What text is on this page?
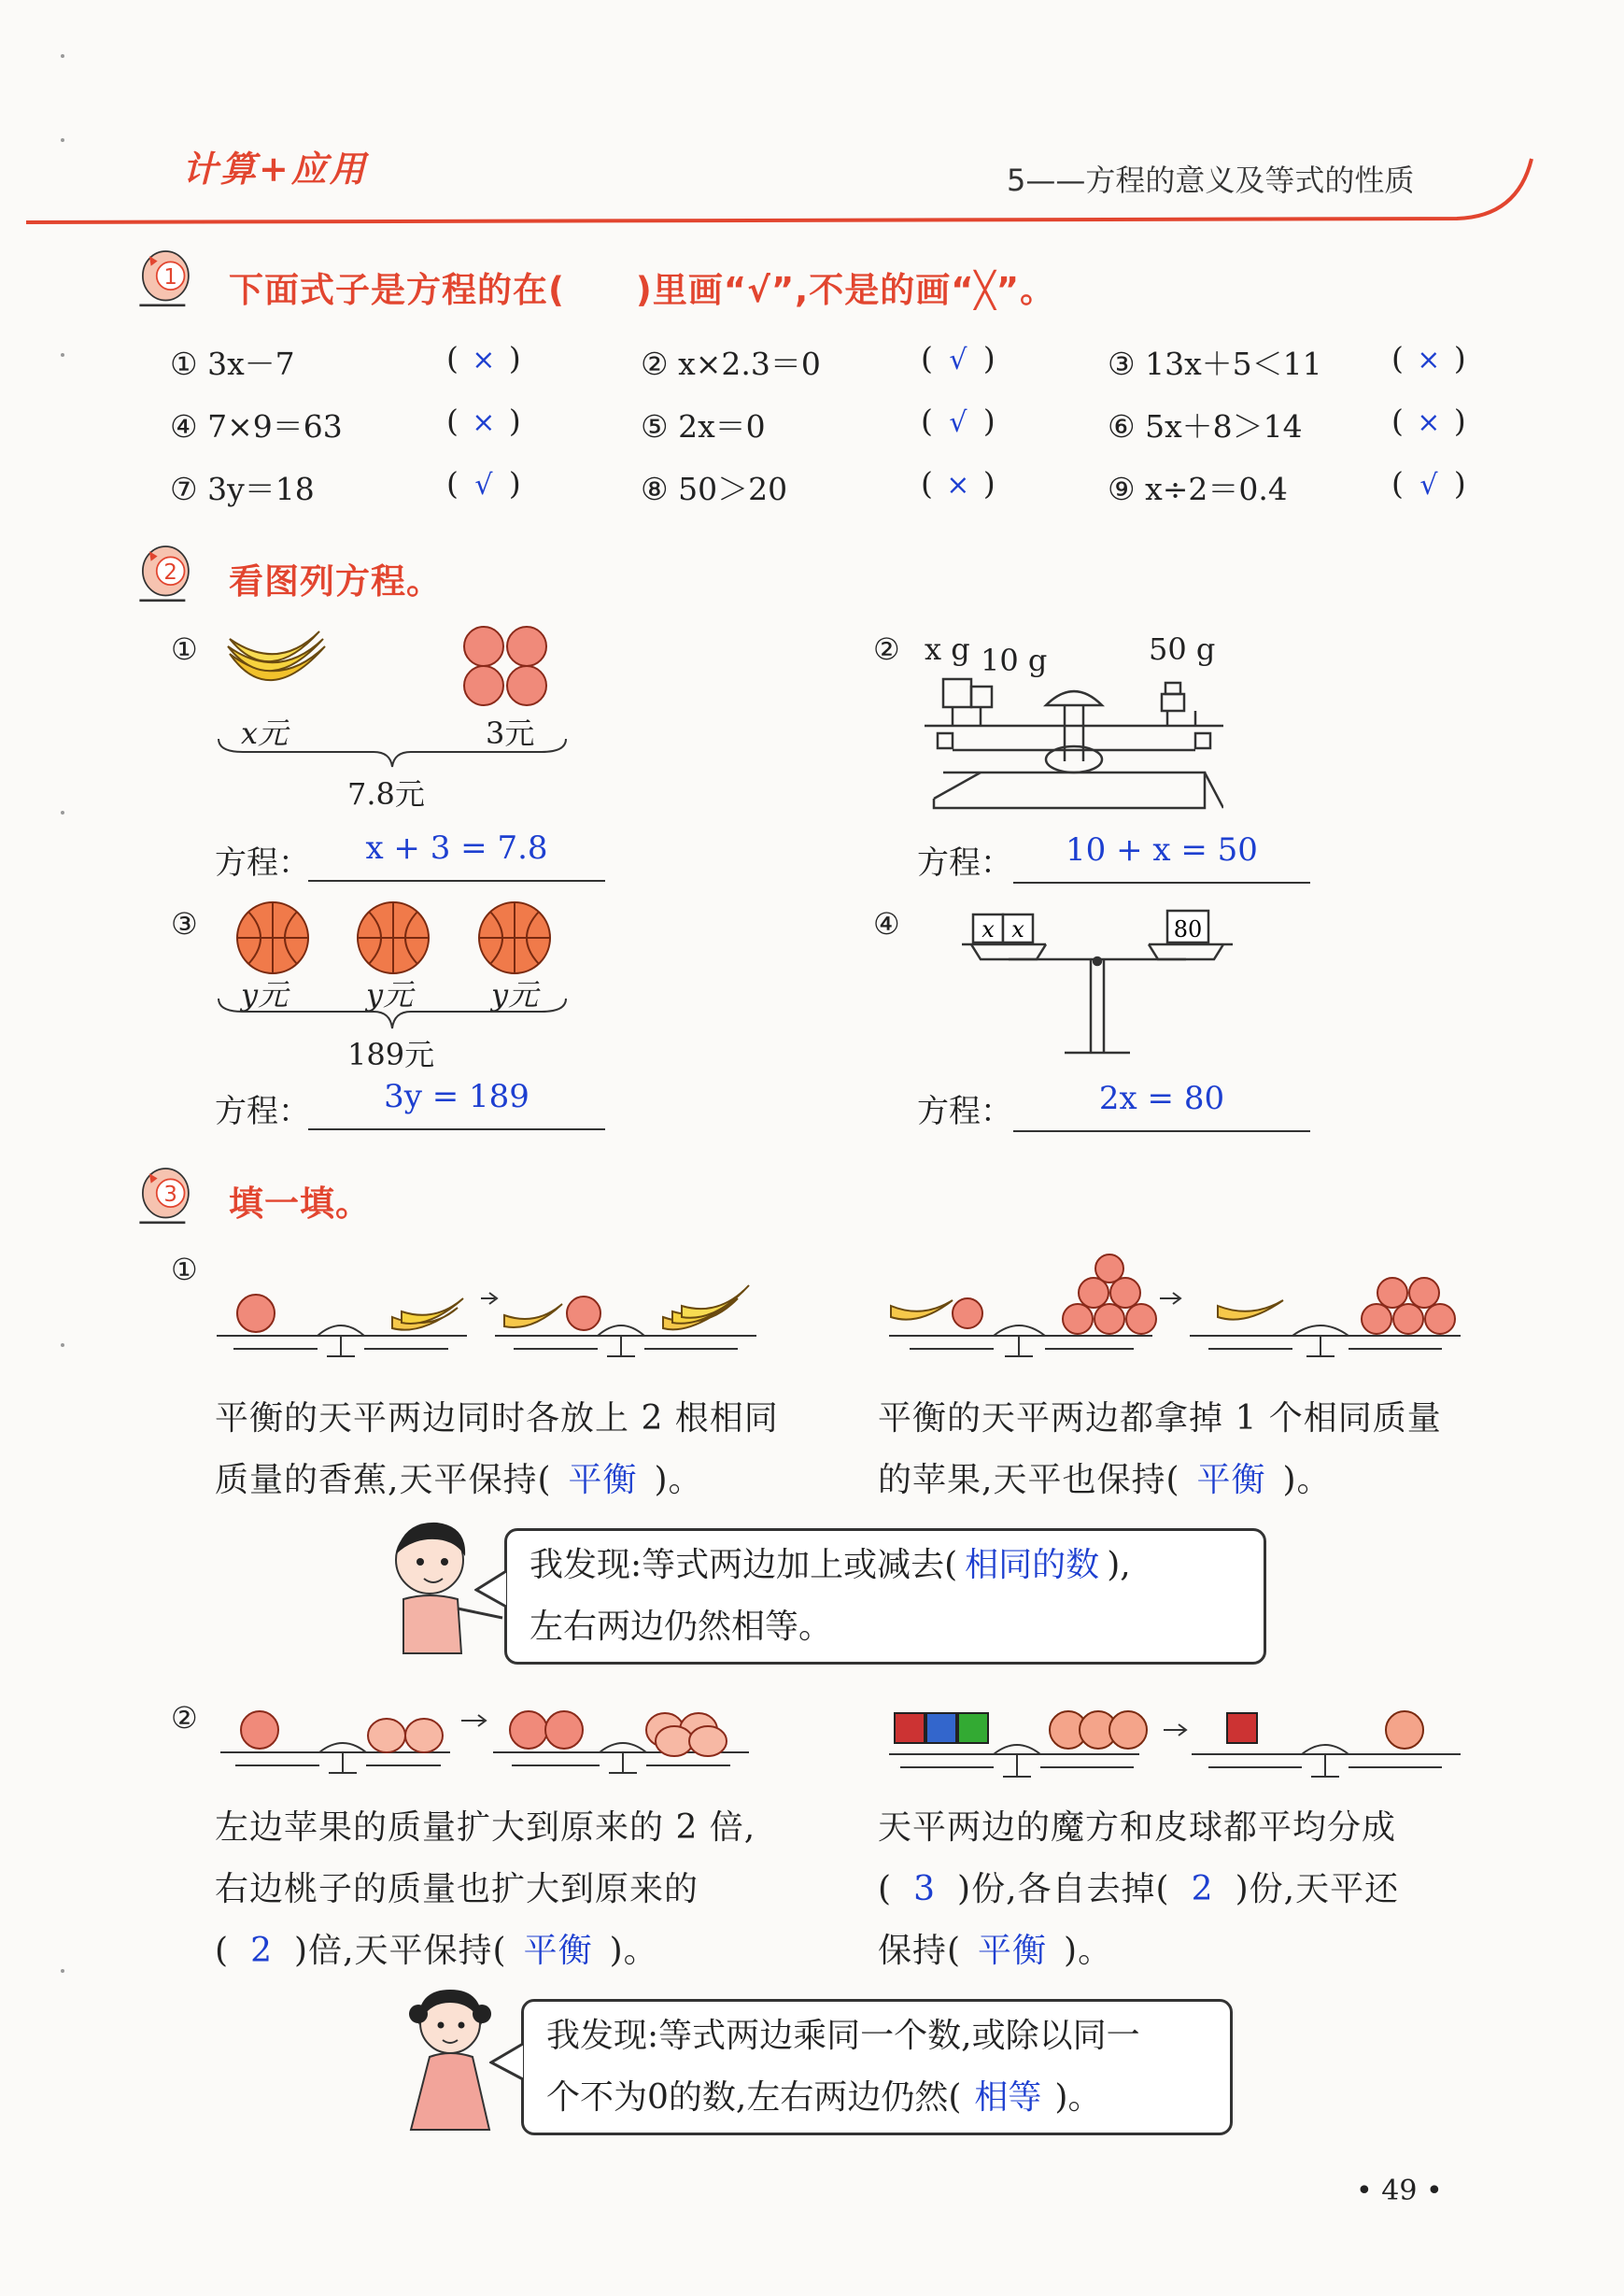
计算+应用	5——方程的意义及等式的性质
1 下面式子是方程的在(　　)里画“√”,不是的画“╳”。
① 3x－7	( × )	② x×2.3＝0	( √ )	③ 13x＋5＜11 ( × )
④ 7×9＝63	( × )	⑤ 2x＝0	( √ )	⑥ 5x＋8＞14	( × )
⑦ 3y＝18	( √ )	⑧ 50＞20	( × )	⑨ x÷2＝0.4	( √ )
2 看图列方程。
①
x元	3元
7.8元
方程：	x + 3 = 7.8
② x g 10 g	50 g
方程：	10 + x = 50
③
y元	y元	y元
189元
方程：	3y = 189
④	x x	80
方程：	2x = 80
3 填一填。
①
平衡的天平两边同时各放上 2 根相同
质量的香蕉,天平保持( 平衡 )。
平衡的天平两边都拿掉 1 个相同质量
的苹果,天平也保持( 平衡 )。
我发现:等式两边加上或减去( 相同的数 ),
左右两边仍然相等。
②
左边苹果的质量扩大到原来的 2 倍,
右边桃子的质量也扩大到原来的
( 2 )倍,天平保持( 平衡 )。
天平两边的魔方和皮球都平均分成
( 3 )份,各自去掉( 2 )份,天平还
保持( 平衡 )。
我发现:等式两边乘同一个数,或除以同一
个不为0的数,左右两边仍然( 相等 )。
• 49 •
